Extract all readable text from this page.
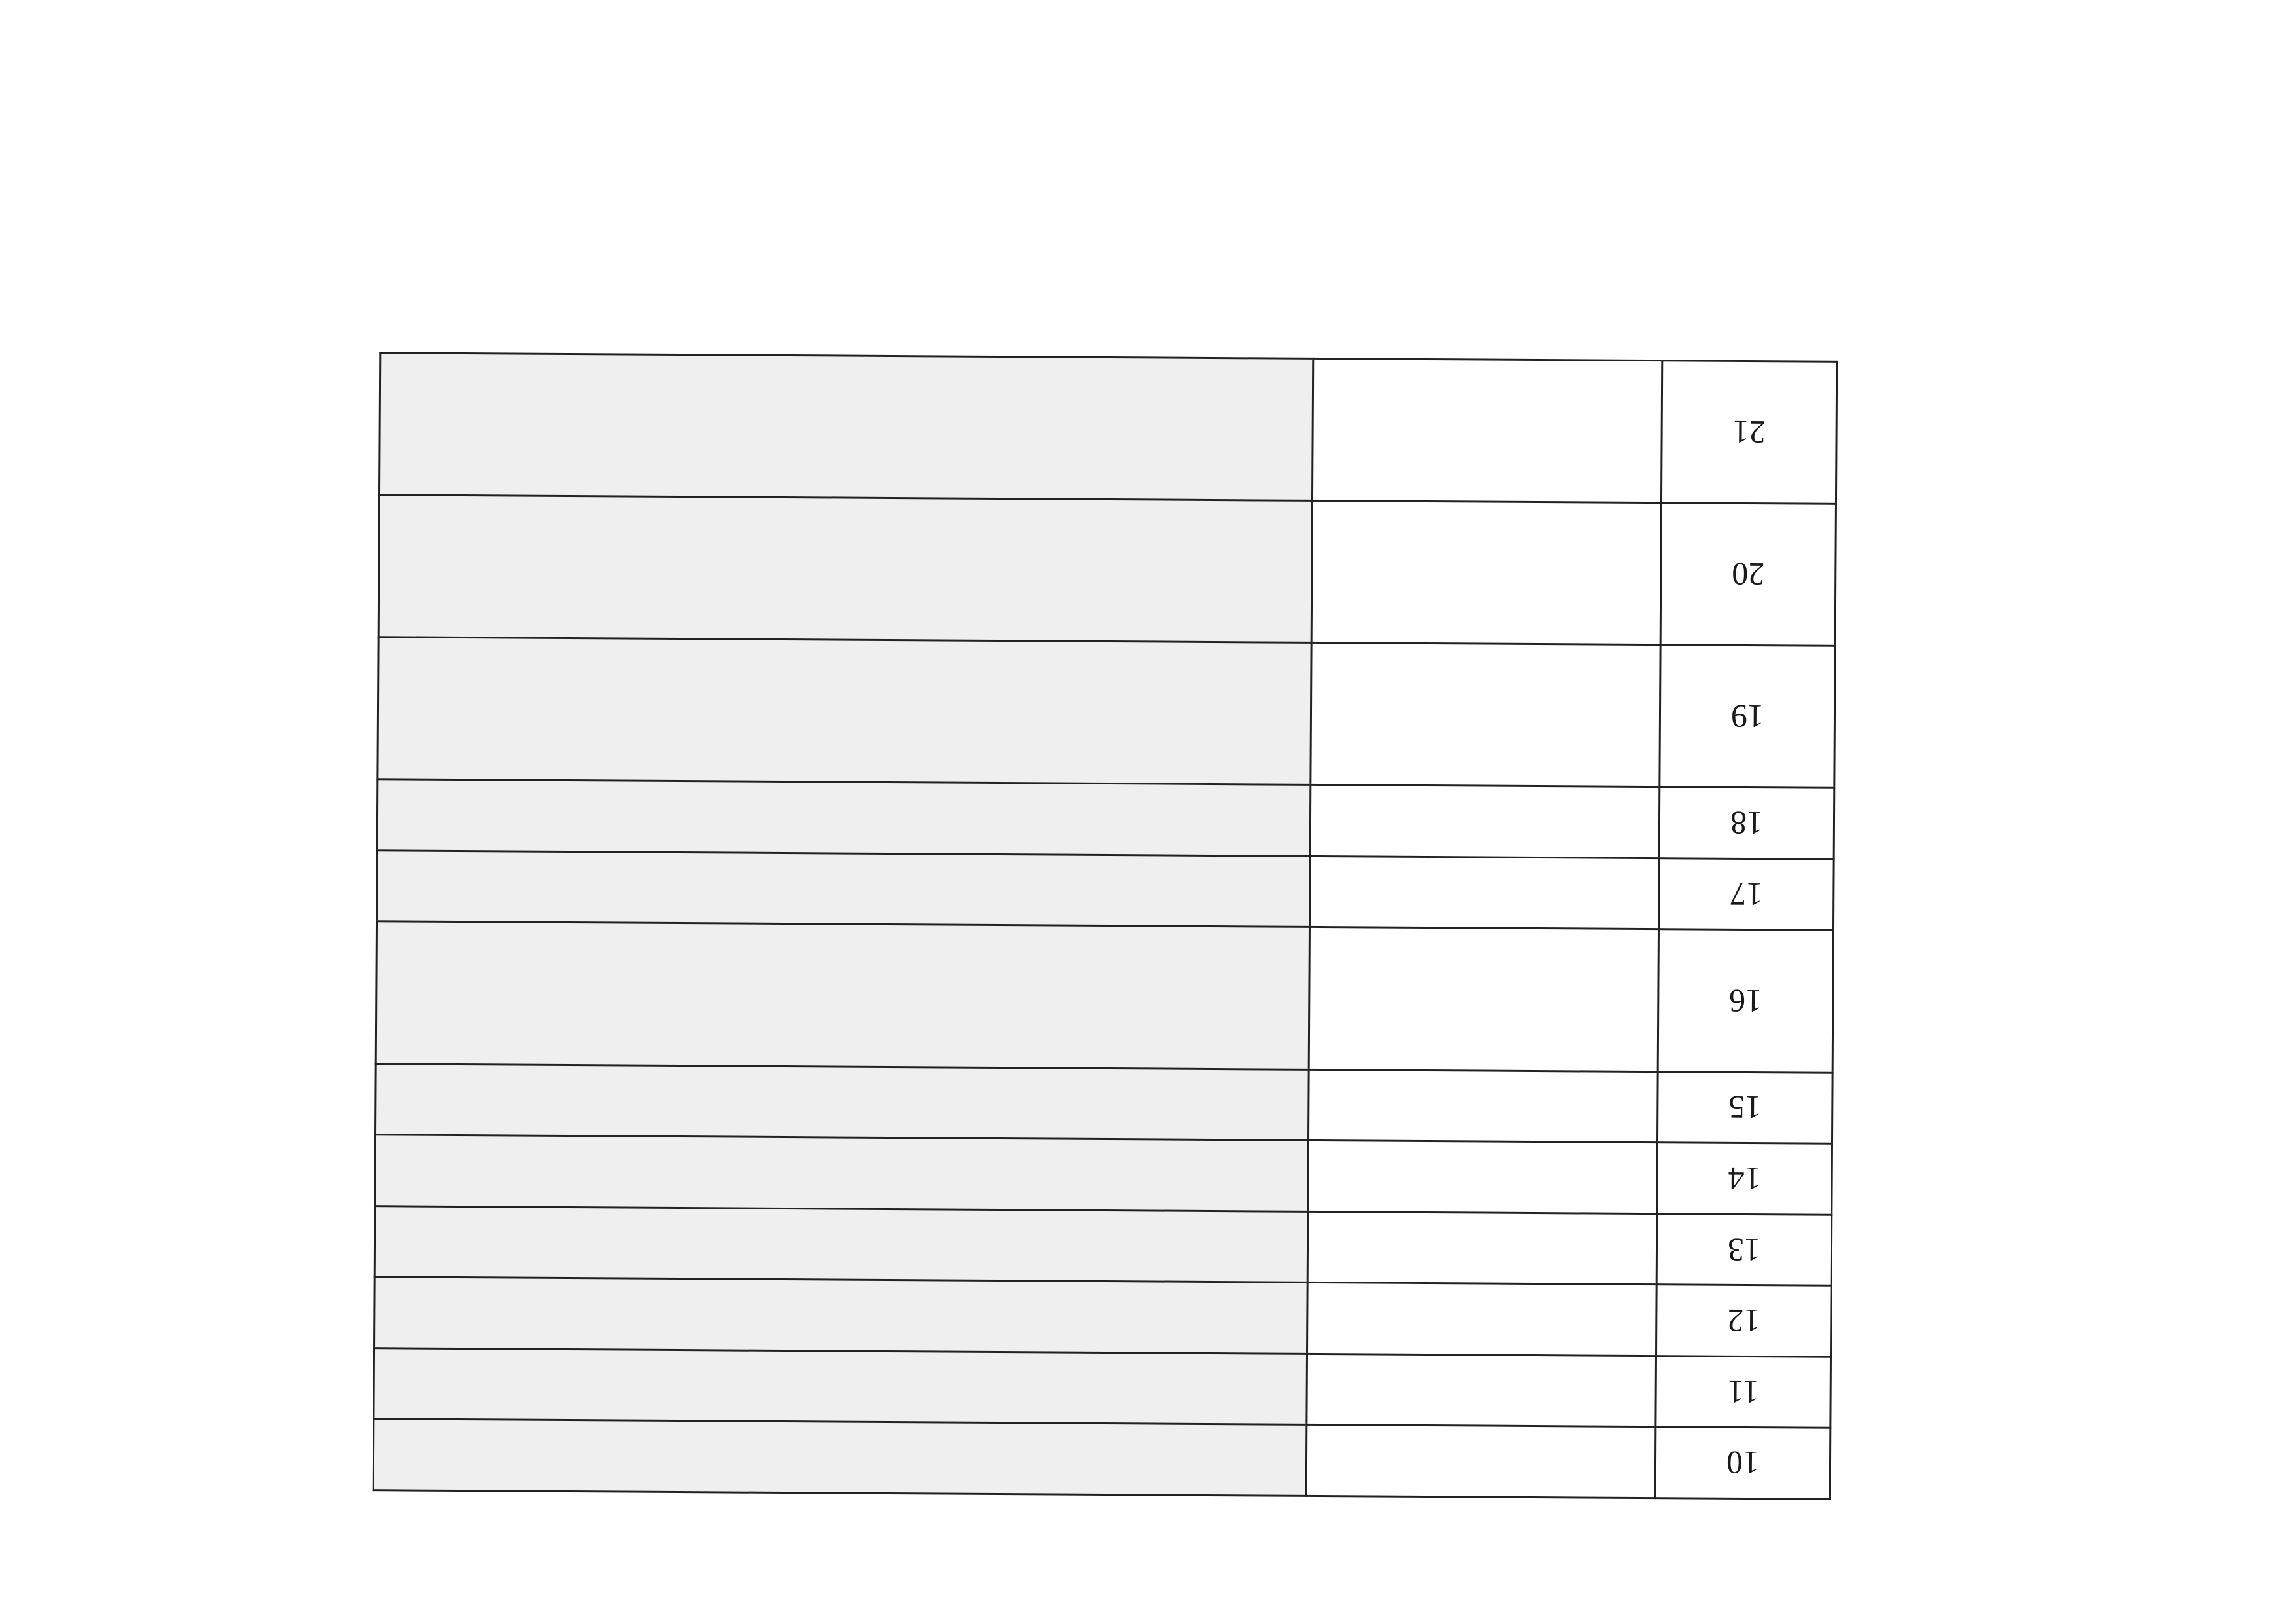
10		

11		

12		

13		

14		

15		

16		

17		

18		

19		

20		

21		
